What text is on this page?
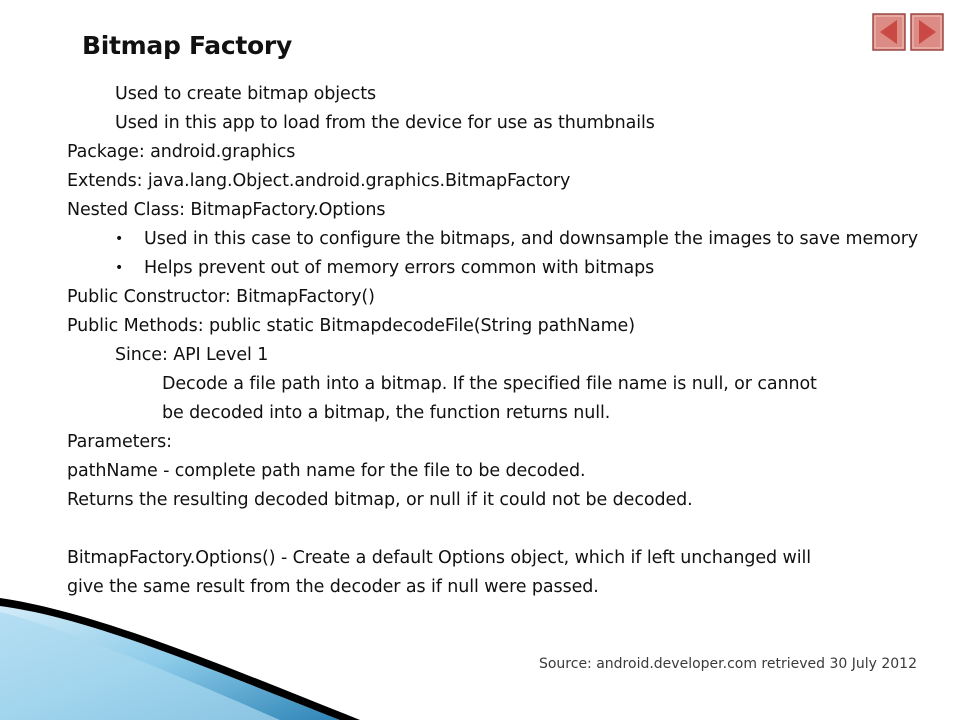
Bitmap Factory
Used to create bitmap objects
Used in this app to load from the device for use as thumbnails
Package: android.graphics
Extends: java.lang.Object.android.graphics.BitmapFactory
Nested Class: BitmapFactory.Options
• Used in this case to configure the bitmaps, and downsample the images to save memory
• Helps prevent out of memory errors common with bitmaps
Public Constructor: BitmapFactory()
Public Methods: public static BitmapdecodeFile(String pathName)
Since: API Level 1
Decode a file path into a bitmap. If the specified file name is null, or cannot
be decoded into a bitmap, the function returns null.
Parameters:
pathName - complete path name for the file to be decoded.
Returns the resulting decoded bitmap, or null if it could not be decoded.
BitmapFactory.Options() - Create a default Options object, which if left unchanged will
give the same result from the decoder as if null were passed.
Source: android.developer.com retrieved 30 July 2012
